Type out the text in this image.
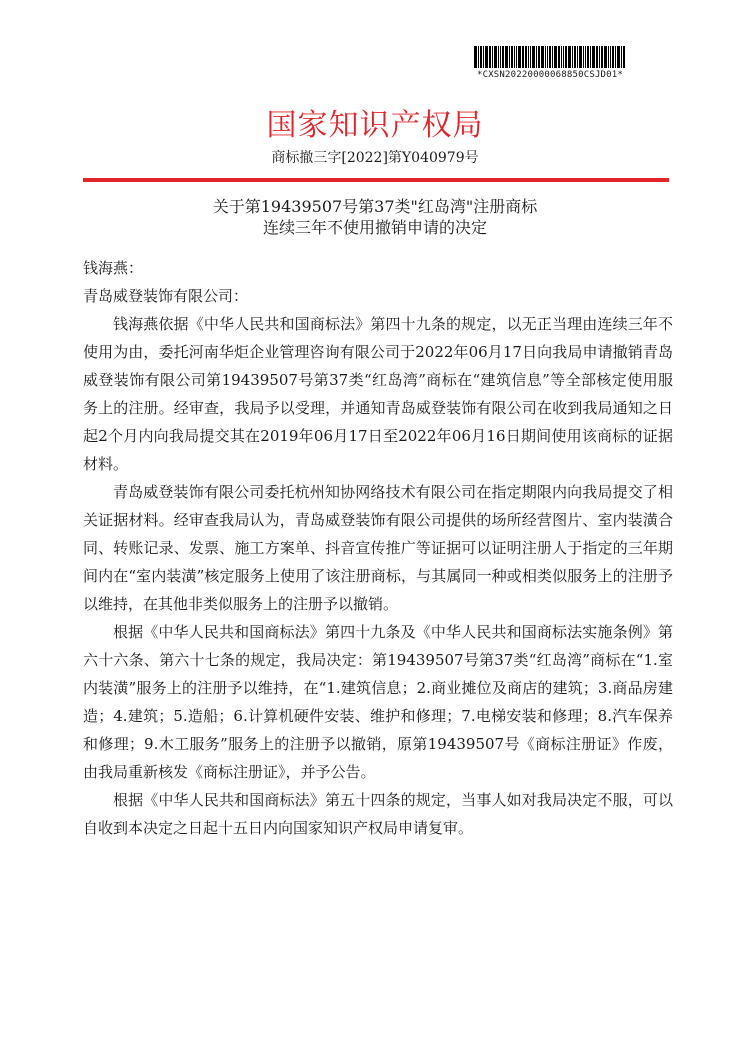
*CXSN20220000068850CSJD01*
国家知识产权局
商标撤三字[2022]第Y040979号
关于第19439507号第37类"红岛湾"注册商标
连续三年不使用撤销申请的决定

钱海燕：

青岛威登装饰有限公司：

钱海燕依据《中华人民共和国商标法》第四十九条的规定，以无正当理由连续三年不使用为由，委托河南华炬企业管理咨询有限公司于2022年06月17日向我局申请撤销青岛威登装饰有限公司第19439507号第37类“红岛湾”商标在“建筑信息”等全部核定使用服务上的注册。经审查，我局予以受理，并通知青岛威登装饰有限公司在收到我局通知之日起2个月内向我局提交其在2019年06月17日至2022年06月16日期间使用该商标的证据材料。

青岛威登装饰有限公司委托杭州知协网络技术有限公司在指定期限内向我局提交了相关证据材料。经审查我局认为，青岛威登装饰有限公司提供的场所经营图片、室内装潢合同、转账记录、发票、施工方案单、抖音宣传推广等证据可以证明注册人于指定的三年期间内在“室内装潢”核定服务上使用了该注册商标，与其属同一种或相类似服务上的注册予以维持，在其他非类似服务上的注册予以撤销。

根据《中华人民共和国商标法》第四十九条及《中华人民共和国商标法实施条例》第六十六条、第六十七条的规定，我局决定：第19439507号第37类“红岛湾”商标在“1.室内装潢”服务上的注册予以维持，在“1.建筑信息；2.商业摊位及商店的建筑；3.商品房建造；4.建筑；5.造船；6.计算机硬件安装、维护和修理；7.电梯安装和修理；8.汽车保养和修理；9.木工服务”服务上的注册予以撤销，原第19439507号《商标注册证》作废，由我局重新核发《商标注册证》，并予公告。

根据《中华人民共和国商标法》第五十四条的规定，当事人如对我局决定不服，可以自收到本决定之日起十五日内向国家知识产权局申请复审。
